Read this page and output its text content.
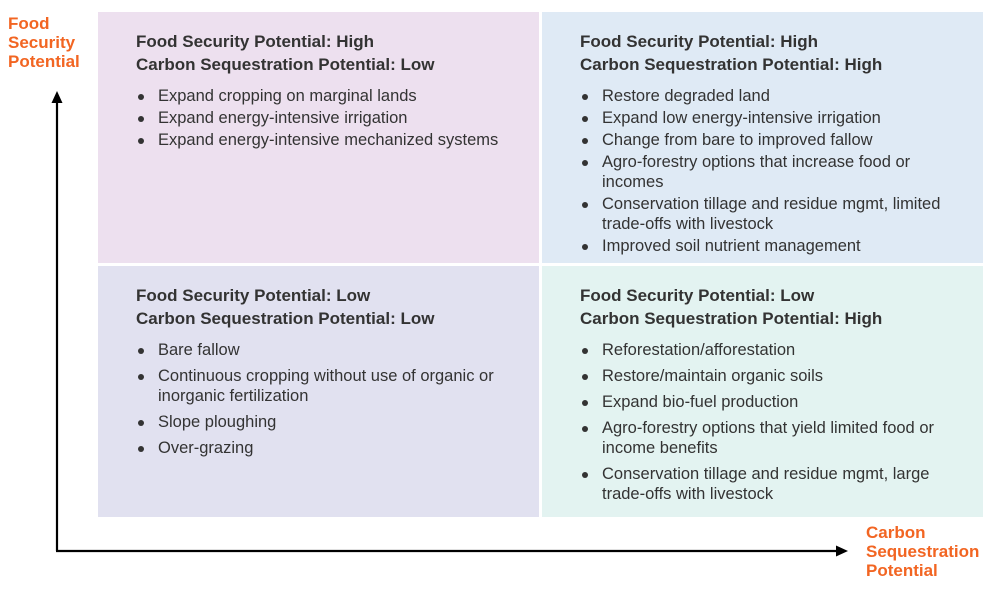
Food
Security
Potential
Carbon
Sequestration
Potential
Food Security Potential: High
Carbon Sequestration Potential: Low
Expand cropping on marginal lands
Expand energy-intensive irrigation
Expand energy-intensive mechanized systems
Food Security Potential: High
Carbon Sequestration Potential: High
Restore degraded land
Expand low energy-intensive irrigation
Change from bare to improved fallow
Agro-forestry options that increase food or incomes
Conservation tillage and residue mgmt, limited trade-offs with livestock
Improved soil nutrient management
Food Security Potential: Low
Carbon Sequestration Potential: Low
Bare fallow
Continuous cropping without use of organic or inorganic fertilization
Slope ploughing
Over-grazing
Food Security Potential: Low
Carbon Sequestration Potential: High
Reforestation/afforestation
Restore/maintain organic soils
Expand bio-fuel production
Agro-forestry options that yield limited food or income benefits
Conservation tillage and residue mgmt, large trade-offs with livestock
